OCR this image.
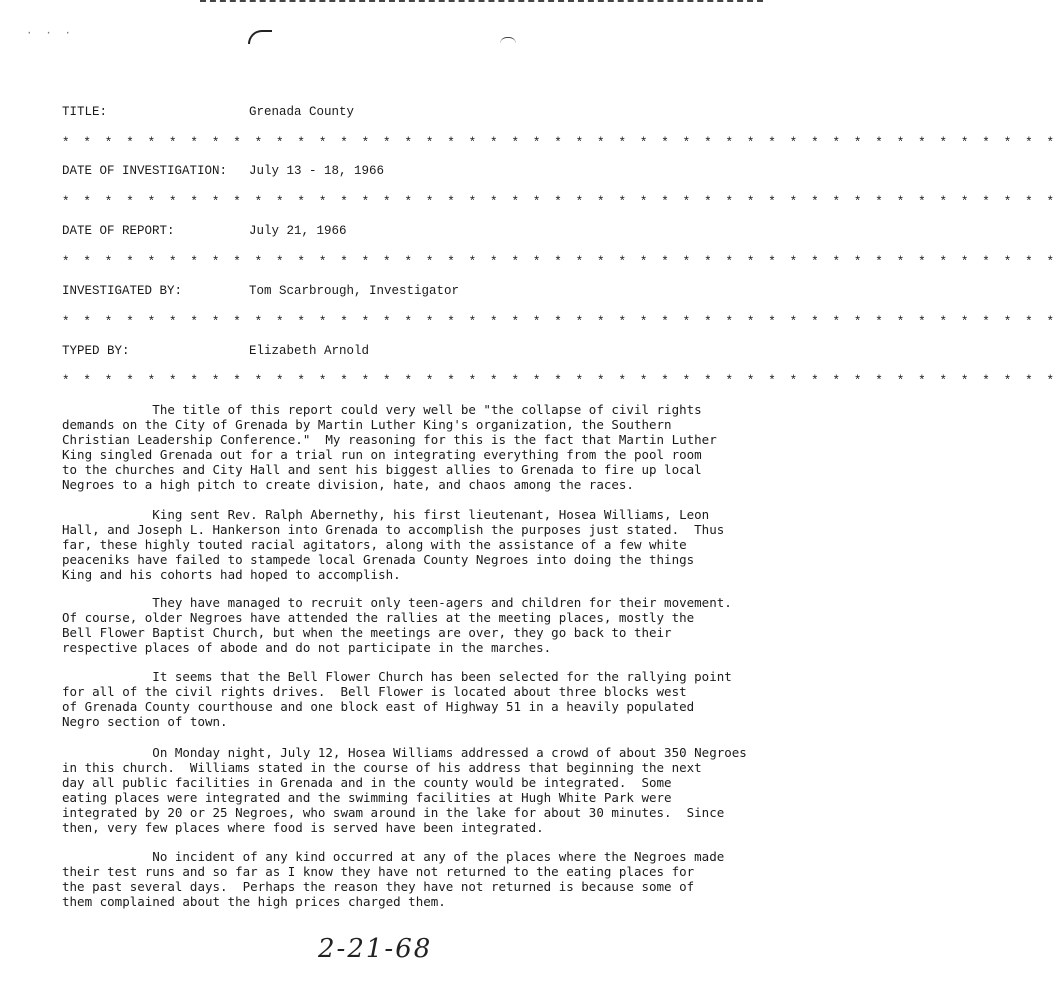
· · ·
TITLE:	Grenada County
* * * * * * * * * * * * * * * * * * * * * * * * * * * * * * * * * * * * * * * * * * * * * * *
DATE OF INVESTIGATION: July 13 - 18, 1966
* * * * * * * * * * * * * * * * * * * * * * * * * * * * * * * * * * * * * * * * * * * * * * *
DATE OF REPORT:	July 21, 1966
* * * * * * * * * * * * * * * * * * * * * * * * * * * * * * * * * * * * * * * * * * * * * * *
INVESTIGATED BY:	Tom Scarbrough, Investigator
* * * * * * * * * * * * * * * * * * * * * * * * * * * * * * * * * * * * * * * * * * * * * * *
TYPED BY:	Elizabeth Arnold
* * * * * * * * * * * * * * * * * * * * * * * * * * * * * * * * * * * * * * * * * * * * * * *
The title of this report could very well be "the collapse of civil rights
demands on the City of Grenada by Martin Luther King's organization, the Southern
Christian Leadership Conference."  My reasoning for this is the fact that Martin Luther
King singled Grenada out for a trial run on integrating everything from the pool room
to the churches and City Hall and sent his biggest allies to Grenada to fire up local
Negroes to a high pitch to create division, hate, and chaos among the races.
King sent Rev. Ralph Abernethy, his first lieutenant, Hosea Williams, Leon
Hall, and Joseph L. Hankerson into Grenada to accomplish the purposes just stated.  Thus
far, these highly touted racial agitators, along with the assistance of a few white
peaceniks have failed to stampede local Grenada County Negroes into doing the things
King and his cohorts had hoped to accomplish.
They have managed to recruit only teen-agers and children for their movement.
Of course, older Negroes have attended the rallies at the meeting places, mostly the
Bell Flower Baptist Church, but when the meetings are over, they go back to their
respective places of abode and do not participate in the marches.
It seems that the Bell Flower Church has been selected for the rallying point
for all of the civil rights drives.  Bell Flower is located about three blocks west
of Grenada County courthouse and one block east of Highway 51 in a heavily populated
Negro section of town.
On Monday night, July 12, Hosea Williams addressed a crowd of about 350 Negroes
in this church.  Williams stated in the course of his address that beginning the next
day all public facilities in Grenada and in the county would be integrated.  Some
eating places were integrated and the swimming facilities at Hugh White Park were
integrated by 20 or 25 Negroes, who swam around in the lake for about 30 minutes.  Since
then, very few places where food is served have been integrated.
No incident of any kind occurred at any of the places where the Negroes made
their test runs and so far as I know they have not returned to the eating places for
the past several days.  Perhaps the reason they have not returned is because some of
them complained about the high prices charged them.
2-21-68
